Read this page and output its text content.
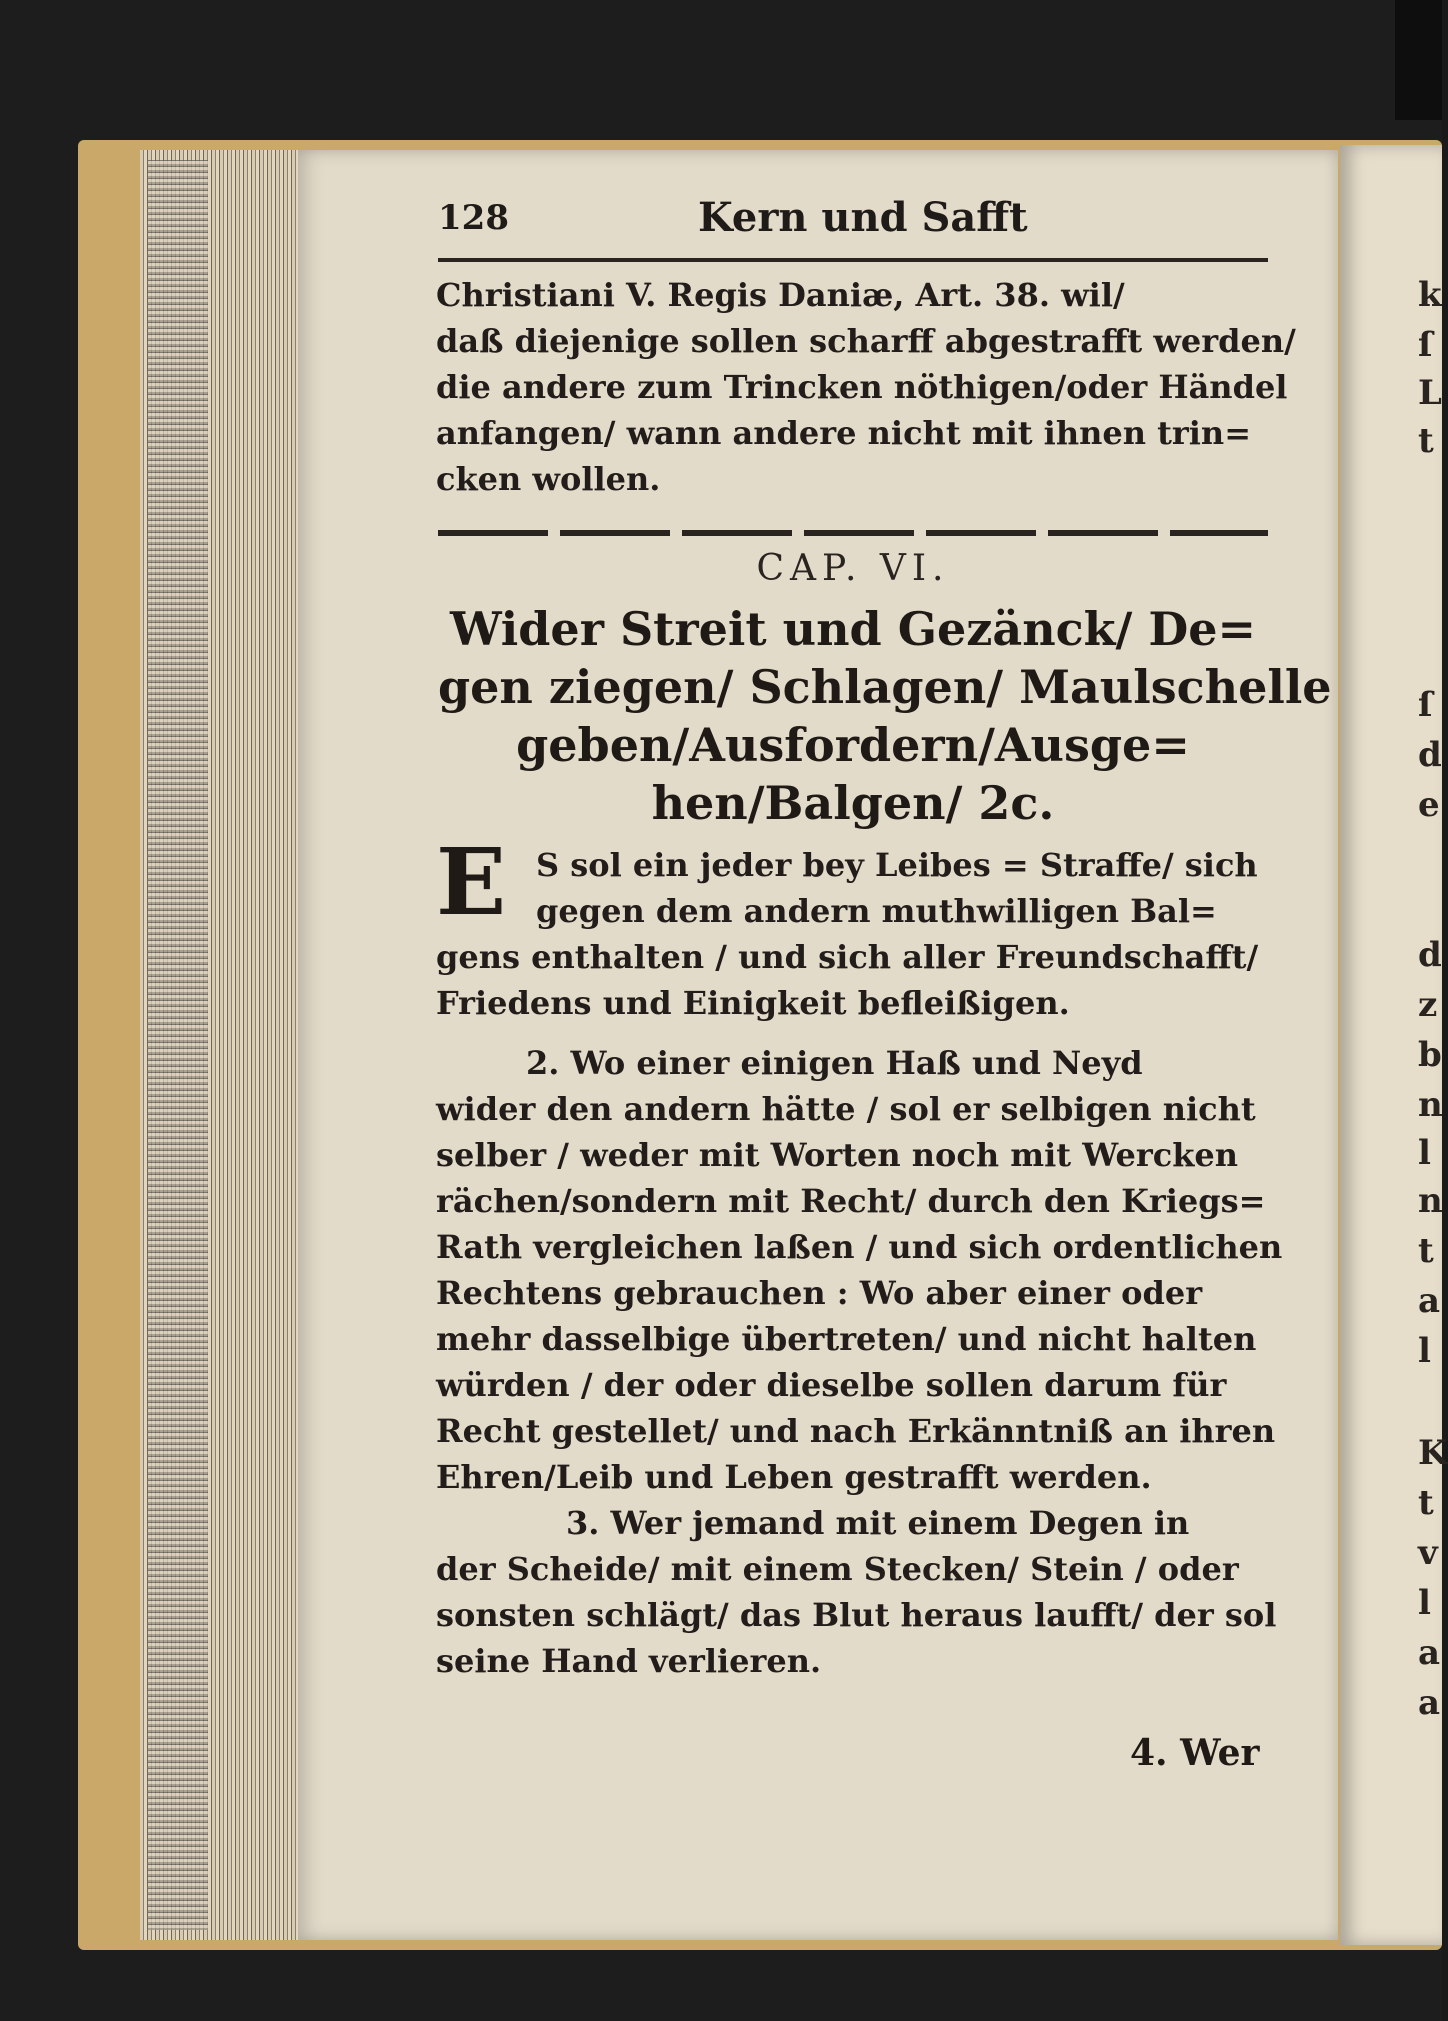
k
ſ
L
t
ſ
d
e
d
z
b
n
l
n
t
a
l
K
t
v
l
a
a
128	Kern und Safft
Christiani V. Regis Daniæ, Art. 38. wil/
daß diejenige sollen scharff abgestrafft werden/
die andere zum Trincken nöthigen/oder Händel
anfangen/ wann andere nicht mit ihnen trin=
cken wollen.
CAP. VI.
Wider Streit und Gezänck/ De=
gen ziegen/ Schlagen/ Maulschelle
geben/Ausfordern/Ausge=
hen/Balgen/ 2c.
E S sol ein jeder bey Leibes = Straffe/ sich
gegen dem andern muthwilligen Bal=
gens enthalten / und sich aller Freundschafft/
Friedens und Einigkeit befleißigen.
2. Wo einer einigen Haß und Neyd
wider den andern hätte / sol er selbigen nicht
selber / weder mit Worten noch mit Wercken
rächen/sondern mit Recht/ durch den Kriegs=
Rath vergleichen laßen / und sich ordentlichen
Rechtens gebrauchen : Wo aber einer oder
mehr dasselbige übertreten/ und nicht halten
würden / der oder dieselbe sollen darum für
Recht gestellet/ und nach Erkänntniß an ihren
Ehren/Leib und Leben gestrafft werden.
3. Wer jemand mit einem Degen in
der Scheide/ mit einem Stecken/ Stein / oder
sonsten schlägt/ das Blut heraus laufft/ der sol
seine Hand verlieren.
4. Wer
